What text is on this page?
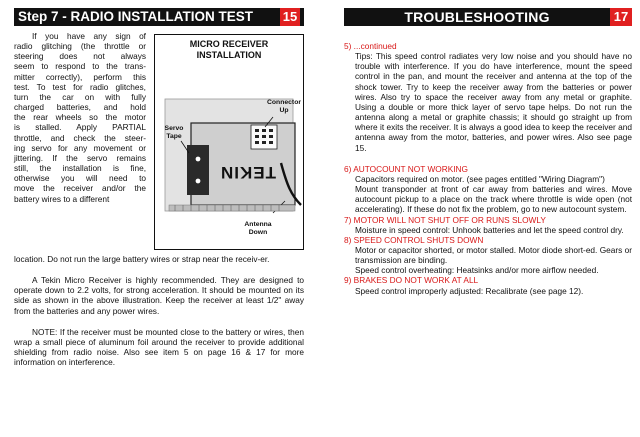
Step 7 - RADIO INSTALLATION TEST 15
If you have any sign of
radio glitching (the throttle or
steering does not always
seem to respond to the trans-
mitter correctly), perform this
test. To test for radio glitches,
turn the car on with fully
charged batteries, and hold
the rear wheels so the motor
is stalled. Apply PARTIAL
throttle, and check the steer-
ing servo for any movement or
jittering. If the servo remains
still, the installation is fine,
otherwise you will need to
move the receiver and/or the
battery wires to a different
MICRO RECEIVER
INSTALLATION
TEKIN
Connector
Up
Servo
Tape
Antenna
Down

location. Do not run the large battery wires or strap near the receiv-er.

A Tekin Micro Receiver is highly recommended. They are designed to operate down to 2.2 volts, for strong acceleration. It should be mounted on its side as shown in the above illustration. Keep the receiver at least 1/2" away from the batteries and any power wires.

NOTE: If the receiver must be mounted close to the battery or wires, then wrap a small piece of aluminum foil around the receiver to provide additional shielding from radio noise. Also see item 5 on page 16 & 17 for more information on interference.

TROUBLESHOOTING	17
5) ...continued
Tips: This speed control radiates very low noise and you should have no trouble with interference. If you do have interference, mount the speed control in the pan, and mount the receiver and antenna at the top of the shock tower. Try to keep the receiver away from the batteries or power wires. Also try to space the receiver away from any metal or graphite. Using a double or more thick layer of servo tape helps. Do not run the antenna along a metal or graphite chassis; it should go straight up from where it exits the receiver. It is always a good idea to keep the receiver and antenna away from the motor, batteries, and power wires. Also see page 15.
6) AUTOCOUNT NOT WORKING
Capacitors required on motor. (see pages entitled "Wiring Diagram")
Mount transponder at front of car away from batteries and wires. Move autocount pickup to a place on the track where throttle is wide open (not accelerating). If these do not fix the problem, go to new autocount system.
7) MOTOR WILL NOT SHUT OFF OR RUNS SLOWLY
Moisture in speed control: Unhook batteries and let the speed control dry.
8) SPEED CONTROL SHUTS DOWN
Motor or capacitor shorted, or motor stalled. Motor diode short-ed. Gears or transmission are binding.
Speed control overheating: Heatsinks and/or more airflow needed.
9) BRAKES DO NOT WORK AT ALL
Speed control improperly adjusted: Recalibrate (see page 12).
